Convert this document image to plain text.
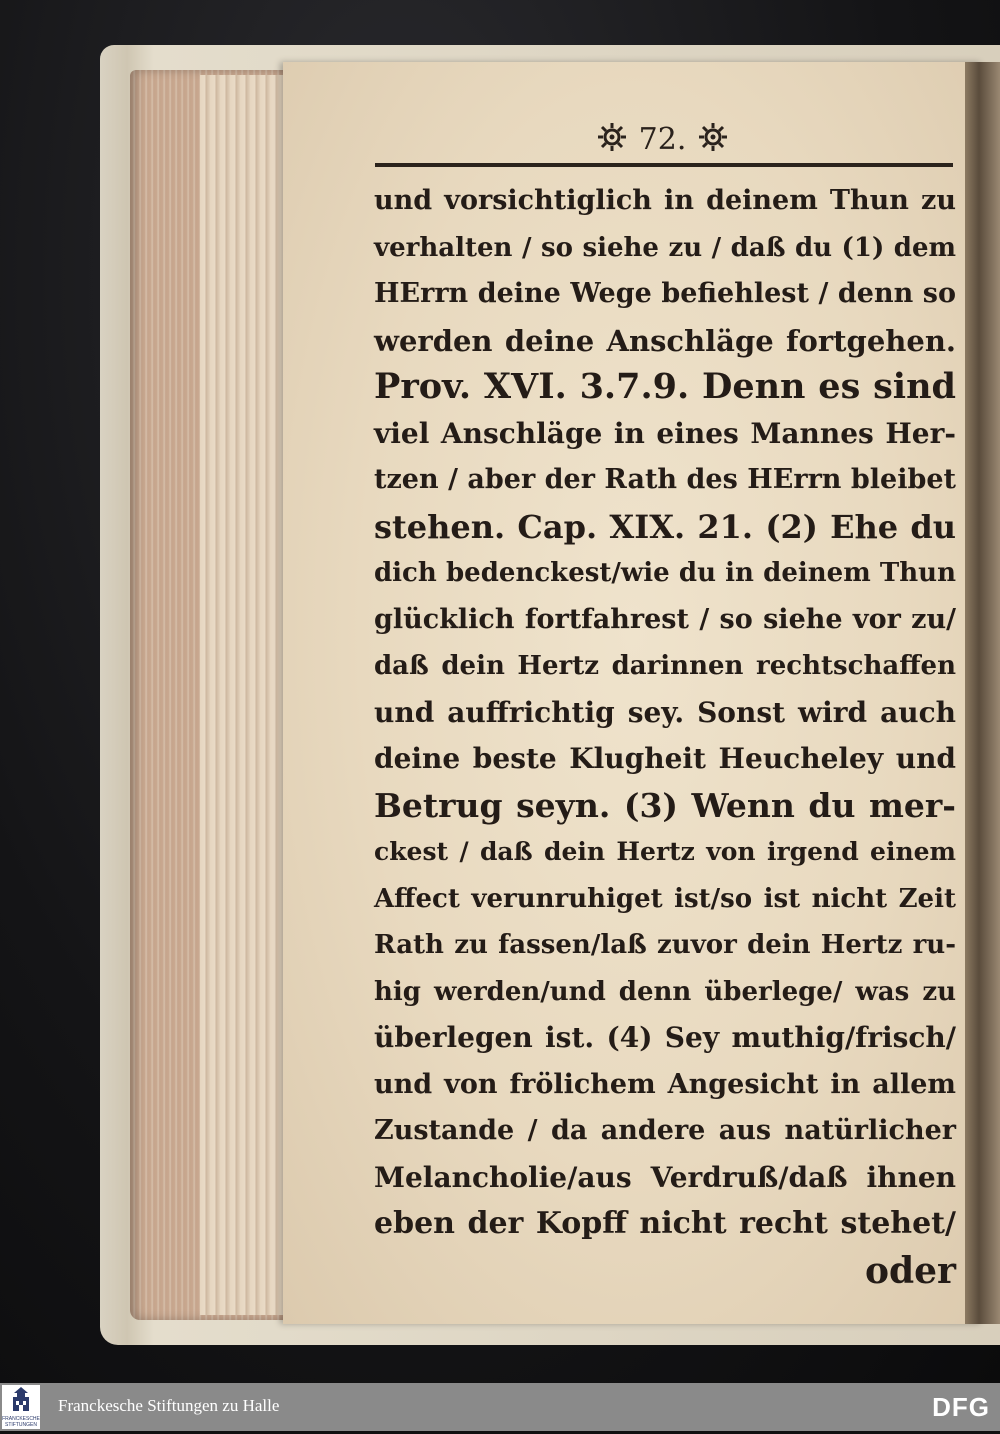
72.
und vorsichtiglich in deinem Thun zu
verhalten / so siehe zu / daß du (1) dem
HErrn deine Wege befiehlest / denn so
werden deine Anschläge fortgehen.
Prov. XVI. 3.7.9. Denn es sind
viel Anschläge in eines Mannes Her-
tzen / aber der Rath des HErrn bleibet
stehen. Cap. XIX. 21. (2) Ehe du
dich bedenckest/wie du in deinem Thun
glücklich fortfahrest / so siehe vor zu/
daß dein Hertz darinnen rechtschaffen
und auffrichtig sey. Sonst wird auch
deine beste Klugheit Heucheley und
Betrug seyn. (3) Wenn du mer-
ckest / daß dein Hertz von irgend einem
Affect verunruhiget ist/so ist nicht Zeit
Rath zu fassen/laß zuvor dein Hertz ru-
hig werden/und denn überlege/ was zu
überlegen ist. (4) Sey muthig/frisch/
und von frölichem Angesicht in allem
Zustande / da andere aus natürlicher
Melancholie/aus Verdruß/daß ihnen
eben der Kopff nicht recht stehet/
oder
FRANCKESCHE
STIFTUNGEN
Franckesche Stiftungen zu Halle	DFG
